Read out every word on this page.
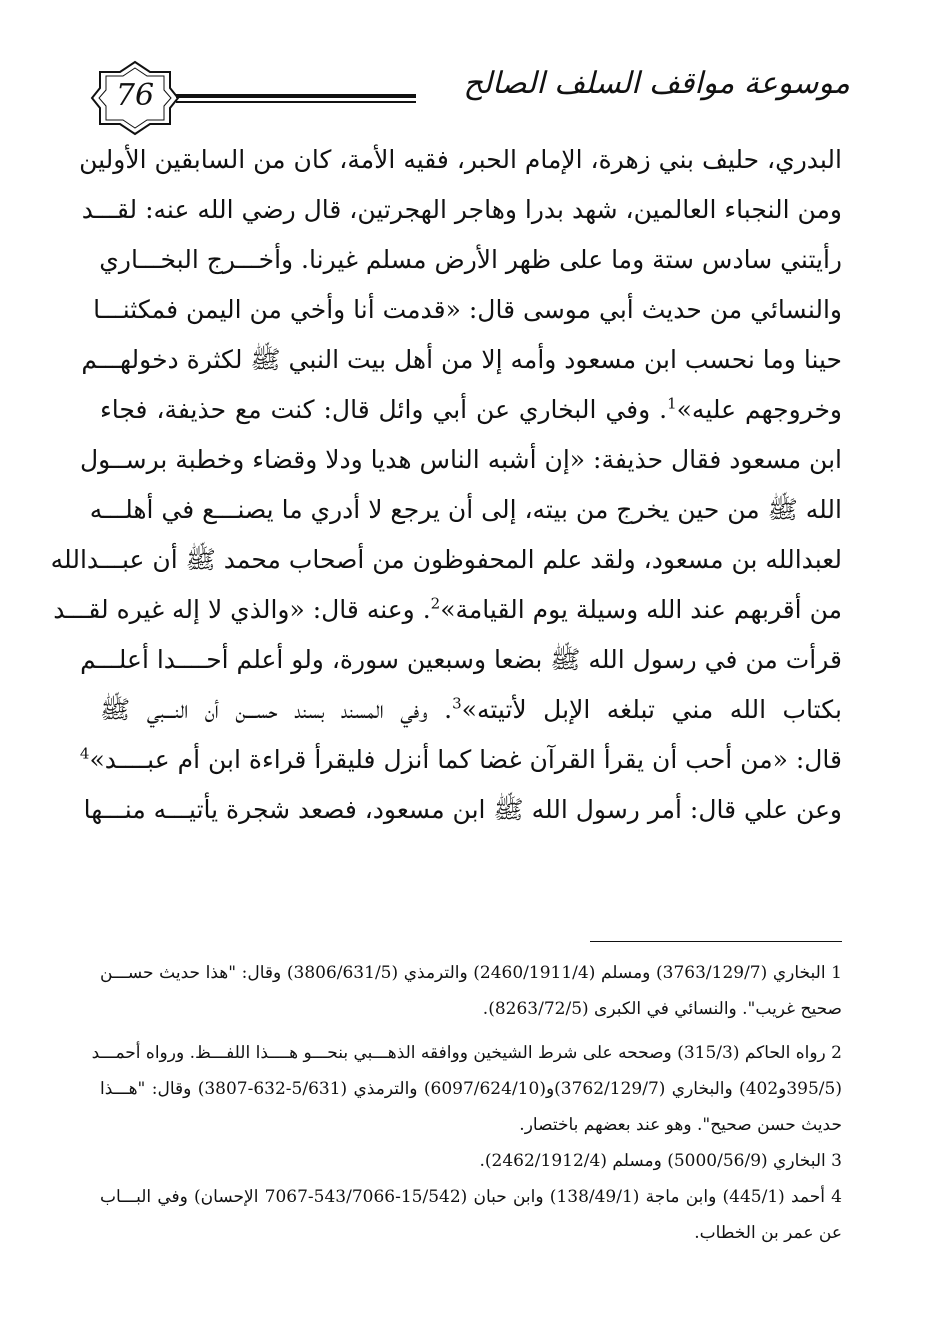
76	موسوعة مواقف السلف الصالح
البدري، حليف بني زهرة، الإمام الحبر، فقيه الأمة، كان من السابقين الأولين
ومن النجباء العالمين، شهد بدرا وهاجر الهجرتين، قال رضي الله عنه: لقـــد
رأيتني سادس ستة وما على ظهر الأرض مسلم غيرنا. وأخـــرج البخـــاري
والنسائي من حديث أبي موسى قال: «قدمت أنا وأخي من اليمن فمكثنـــا
حينا وما نحسب ابن مسعود وأمه إلا من أهل بيت النبي ﷺ لكثرة دخولهـــم
وخروجهم عليه»$^1$. وفي البخاري عن أبي وائل قال: كنت مع حذيفة، فجاء
ابن مسعود فقال حذيفة: «إن أشبه الناس هديا ودلا وقضاء وخطبة برســول
الله ﷺ من حين يخرج من بيته، إلى أن يرجع لا أدري ما يصنـــع في أهلـــه
لعبدالله بن مسعود، ولقد علم المحفوظون من أصحاب محمد ﷺ أن عبـــدالله
من أقربهم عند الله وسيلة يوم القيامة»$^2$. وعنه قال: «والذي لا إله غيره لقـــد
قرأت من في رسول الله ﷺ بضعا وسبعين سورة، ولو أعلم أحــــدا أعلـــم
بكتاب الله مني تبلغه الإبل لأتيته»$^3$. وفي المسند بسند حســـن أن النـــبي ﷺ
قال: «من أحب أن يقرأ القرآن غضا كما أنزل فليقرأ قراءة ابن أم عبــــد»$^4$
وعن علي قال: أمر رسول الله ﷺ ابن مسعود، فصعد شجرة يأتيـــه منـــها
1 البخاري (3763/129/7) ومسلم (2460/1911/4) والترمذي (3806/631/5) وقال: "هذا حديث حســـن
صحيح غريب". والنسائي في الكبرى (8263/72/5).
2 رواه الحاكم (315/3) وصححه على شرط الشيخين ووافقه الذهـــبي بنحـــو هــــذا اللفـــظ. ورواه أحمـــد
(395/5و402) والبخاري (3762/129/7)و(6097/624/10) والترمذي (5/631-632-3807) وقال: "هـــذا
حديث حسن صحيح". وهو عند بعضهم باختصار.
3 البخاري (5000/56/9) ومسلم (2462/1912/4).
4 أحمد (445/1) وابن ماجة (138/49/1) وابن حبان (15/542-543/7066-7067 الإحسان) وفي البـــاب
عن عمر بن الخطاب.
